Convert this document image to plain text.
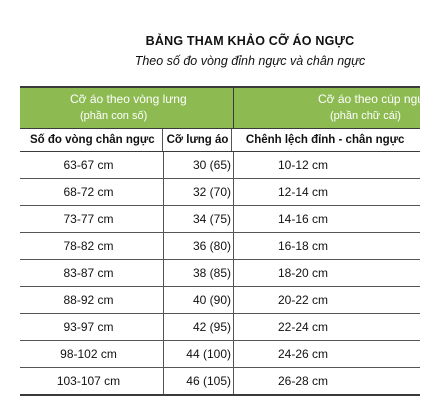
BẢNG THAM KHẢO CỠ ÁO NGỰC
Theo số đo vòng đỉnh ngực và chân ngực
Cỡ áo theo vòng lưng
(phần con số)
Cỡ áo theo cúp ngực
(phần chữ cái)
Số đo vòng chân ngực	Cỡ lưng áo	Chênh lệch đỉnh - chân ngực
63-67 cm	30 (65)	10-12 cm
68-72 cm	32 (70)	12-14 cm
73-77 cm	34 (75)	14-16 cm
78-82 cm	36 (80)	16-18 cm
83-87 cm	38 (85)	18-20 cm
88-92 cm	40 (90)	20-22 cm
93-97 cm	42 (95)	22-24 cm
98-102 cm	44 (100)	24-26 cm
103-107 cm	46 (105)	26-28 cm
